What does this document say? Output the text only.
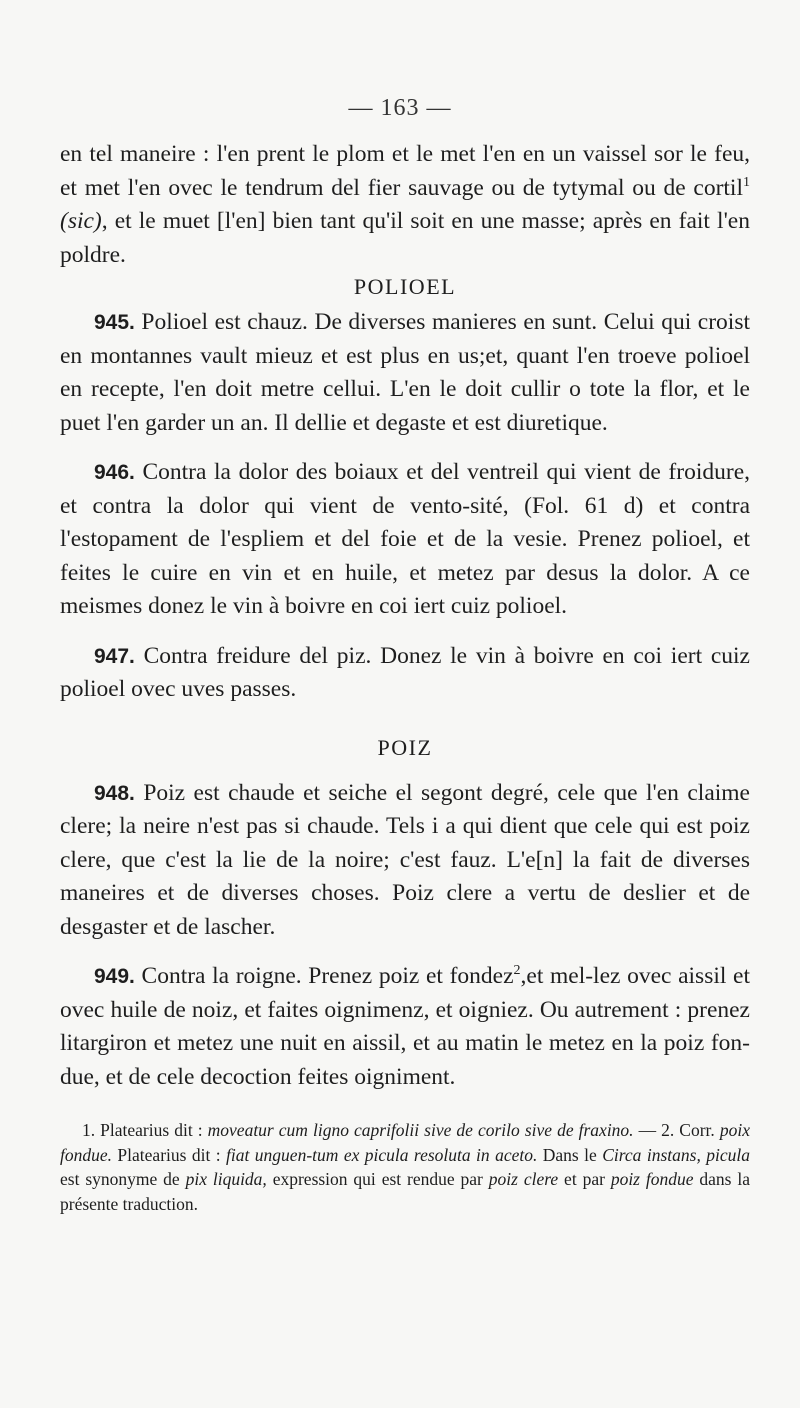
— 163 —

en tel maneire : l'en prent le plom et le met l'en en un vaissel sor le feu, et met l'en ovec le tendrum del fier sauvage ou de tytymal ou de cortil$^1$ (sic), et le muet [l'en] bien tant qu'il soit en une masse; après en fait l'en poldre.

POLIOEL

945. Polioel est chauz. De diverses manieres en sunt. Celui qui croist en montannes vault mieuz et est plus en us;et, quant l'en troeve polioel en recepte, l'en doit metre cellui. L'en le doit cullir o tote la flor, et le puet l'en garder un an. Il dellie et degaste et est diuretique.

946. Contra la dolor des boiaux et del ventreil qui vient de froidure, et contra la dolor qui vient de vento-sité, (Fol. 61 d) et contra l'estopament de l'espliem et del foie et de la vesie. Prenez polioel, et feites le cuire en vin et en huile, et metez par desus la dolor. A ce meismes donez le vin à boivre en coi iert cuiz polioel.

947. Contra freidure del piz. Donez le vin à boivre en coi iert cuiz polioel ovec uves passes.

POIZ

948. Poiz est chaude et seiche el segont degré, cele que l'en claime clere; la neire n'est pas si chaude. Tels i a qui dient que cele qui est poiz clere, que c'est la lie de la noire; c'est fauz. L'e[n] la fait de diverses maneires et de diverses choses. Poiz clere a vertu de deslier et de desgaster et de lascher.

949. Contra la roigne. Prenez poiz et fondez$^2$,et mel-lez ovec aissil et ovec huile de noiz, et faites oignimenz, et oigniez. Ou autrement : prenez litargiron et metez une nuit en aissil, et au matin le metez en la poiz fon-due, et de cele decoction feites oigniment.

1. Platearius dit : moveatur cum ligno caprifolii sive de corilo sive de fraxino. — 2. Corr. poix fondue. Platearius dit : fiat unguen-tum ex picula resoluta in aceto. Dans le Circa instans, picula est synonyme de pix liquida, expression qui est rendue par poiz clere et par poiz fondue dans la présente traduction.
